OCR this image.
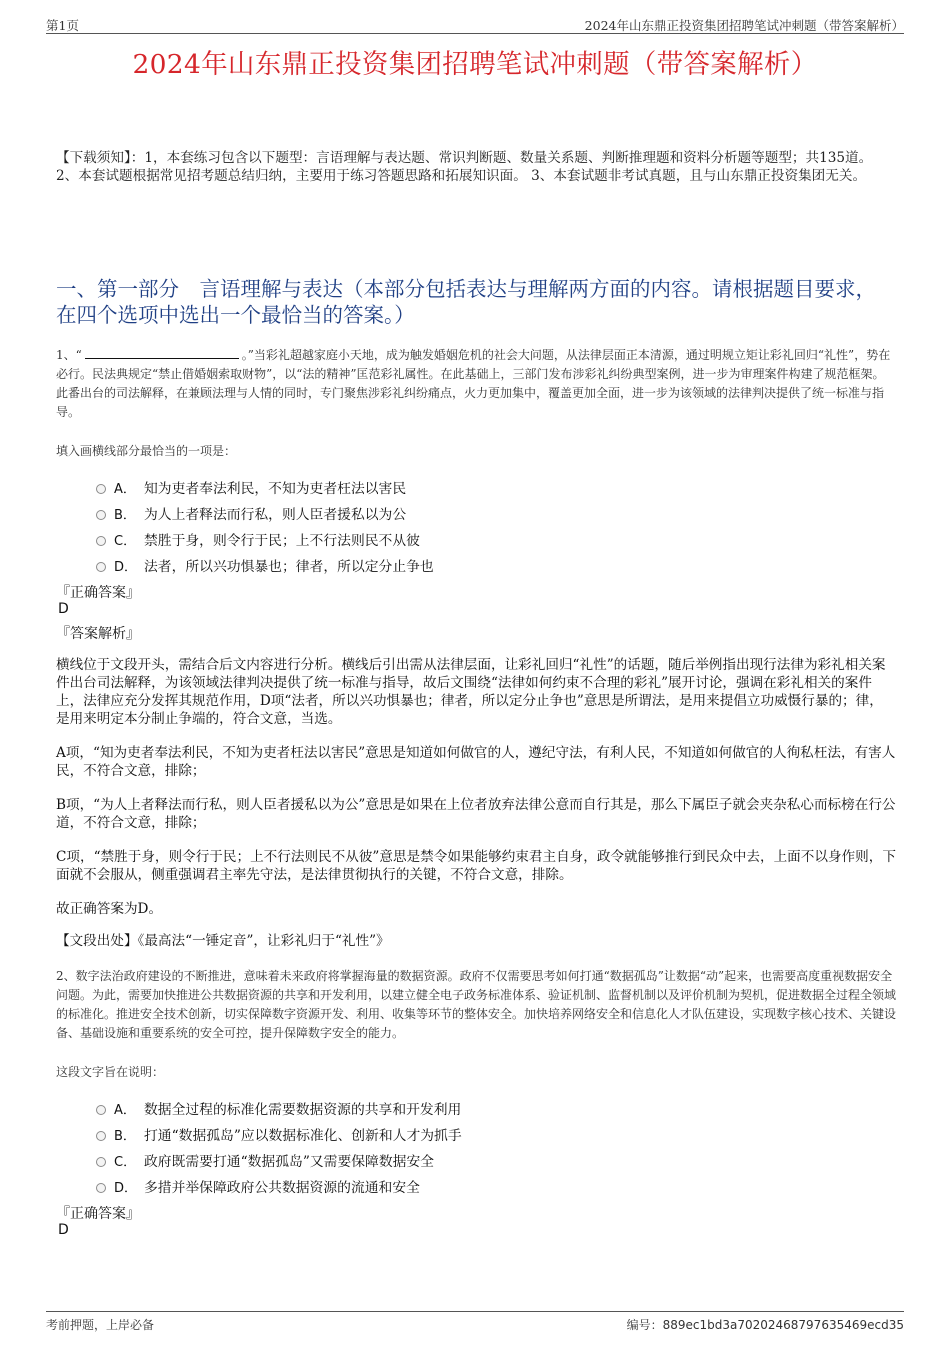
第1页	2024年山东鼎正投资集团招聘笔试冲刺题（带答案解析）
2024年山东鼎正投资集团招聘笔试冲刺题（带答案解析）
【下载须知】：1，本套练习包含以下题型：言语理解与表达题、常识判断题、数量关系题、判断推理题和资料分析题等题型；共135道。 2、本套试题根据常见招考题总结归纳，主要用于练习答题思路和拓展知识面。 3、本套试题非考试真题，且与山东鼎正投资集团无关。
一、第一部分　言语理解与表达（本部分包括表达与理解两方面的内容。请根据题目要求，在四个选项中选出一个最恰当的答案。）
1、“	。”当彩礼超越家庭小天地，成为触发婚姻危机的社会大问题，从法律层面正本清源，通过明规立矩让彩礼回归“礼性”，势在必行。民法典规定“禁止借婚姻索取财物”，以“法的精神”匡范彩礼属性。在此基础上，三部门发布涉彩礼纠纷典型案例，进一步为审理案件构建了规范框架。此番出台的司法解释，在兼顾法理与人情的同时，专门聚焦涉彩礼纠纷痛点，火力更加集中，覆盖更加全面，进一步为该领域的法律判决提供了统一标准与指导。
填入画横线部分最恰当的一项是：
A． 知为吏者奉法利民，不知为吏者枉法以害民
B． 为人上者释法而行私，则人臣者援私以为公
C． 禁胜于身，则令行于民；上不行法则民不从彼
D． 法者，所以兴功惧暴也；律者，所以定分止争也
『正确答案』
D
『答案解析』
横线位于文段开头，需结合后文内容进行分析。横线后引出需从法律层面，让彩礼回归“礼性”的话题，随后举例指出现行法律为彩礼相关案件出台司法解释，为该领域法律判决提供了统一标准与指导，故后文围绕“法律如何约束不合理的彩礼”展开讨论，强调在彩礼相关的案件上，法律应充分发挥其规范作用，D项“法者，所以兴功惧暴也；律者，所以定分止争也”意思是所谓法，是用来提倡立功威慑行暴的；律，是用来明定本分制止争端的，符合文意，当选。
A项，“知为吏者奉法利民，不知为吏者枉法以害民”意思是知道如何做官的人，遵纪守法，有利人民，不知道如何做官的人徇私枉法，有害人民，不符合文意，排除；
B项，“为人上者释法而行私，则人臣者援私以为公”意思是如果在上位者放弃法律公意而自行其是，那么下属臣子就会夹杂私心而标榜在行公道，不符合文意，排除；
C项，“禁胜于身，则令行于民；上不行法则民不从彼”意思是禁令如果能够约束君主自身，政令就能够推行到民众中去，上面不以身作则，下面就不会服从，侧重强调君主率先守法，是法律贯彻执行的关键，不符合文意，排除。
故正确答案为D。
【文段出处】《最高法“一锤定音”，让彩礼归于“礼性”》
2、数字法治政府建设的不断推进，意味着未来政府将掌握海量的数据资源。政府不仅需要思考如何打通“数据孤岛”让数据“动”起来，也需要高度重视数据安全问题。为此，需要加快推进公共数据资源的共享和开发利用，以建立健全电子政务标准体系、验证机制、监督机制以及评价机制为契机，促进数据全过程全领域的标准化。推进安全技术创新，切实保障数字资源开发、利用、收集等环节的整体安全。加快培养网络安全和信息化人才队伍建设，实现数字核心技术、关键设备、基础设施和重要系统的安全可控，提升保障数字安全的能力。
这段文字旨在说明：
A． 数据全过程的标准化需要数据资源的共享和开发利用
B． 打通“数据孤岛”应以数据标准化、创新和人才为抓手
C． 政府既需要打通“数据孤岛”又需要保障数据安全
D． 多措并举保障政府公共数据资源的流通和安全
『正确答案』
D
考前押题，上岸必备	编号：889ec1bd3a70202468797635469ecd35
